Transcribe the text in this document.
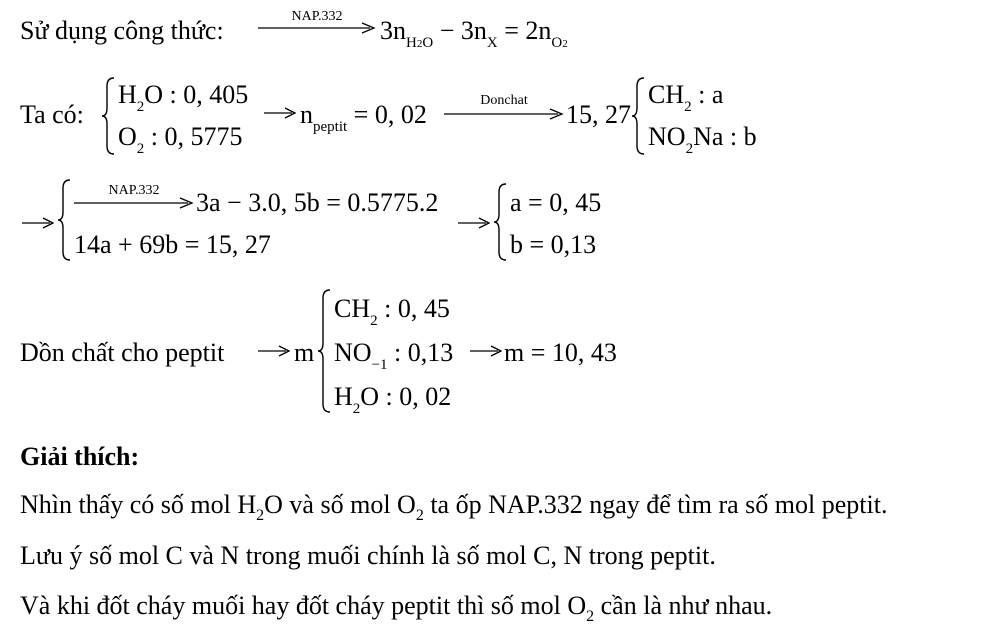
Sử dụng công thức:	NAP.332	$3n_{H2O} - 3n_X = 2n_{O2}$
Ta có:
$H_2O$ : 0, 405
$O_2$ : 0, 5775
$n_{peptit} = 0$, 02	Donchat	15, 27
$CH_2$ : a
$NO_2Na$ : b
NAP.332	3a − 3.0, 5b = 0.5775.2
14a + 69b = 15, 27
a = 0, 45
b = 0,13
Dồn chất cho peptit	m
$CH_2$ : 0, 45
$NO_{-1}$ : 0,13
$H_2O$ : 0, 02
m = 10, 43
Giải thích:
Nhìn thấy có số mol $H_2O$ và số mol $O_2$ ta ốp NAP.332 ngay để tìm ra số mol peptit.
Lưu ý số mol C và N trong muối chính là số mol C, N trong peptit.
Và khi đốt cháy muối hay đốt cháy peptit thì số mol $O_2$ cần là như nhau.
